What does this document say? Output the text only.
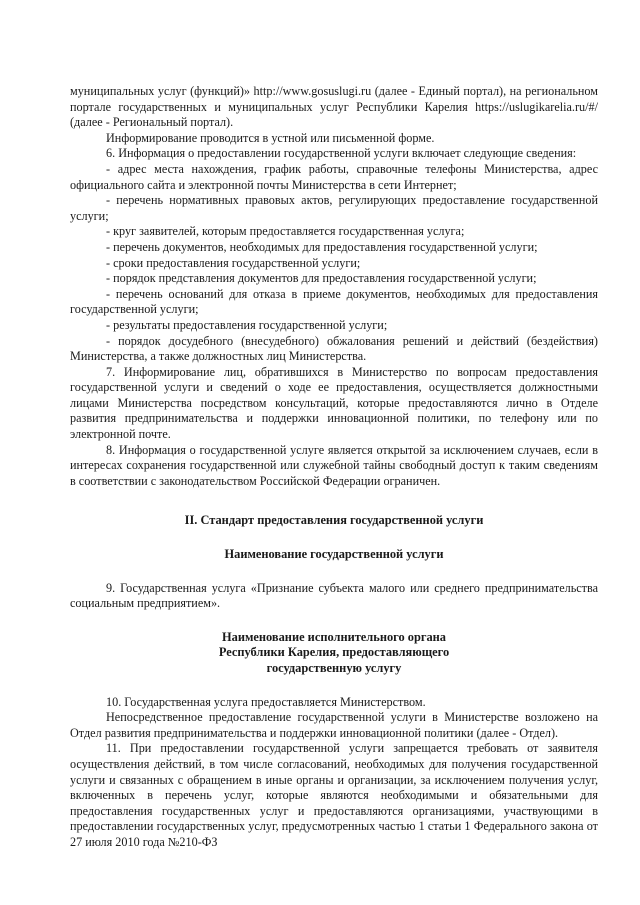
муниципальных услуг (функций)» http://www.gosuslugi.ru (далее - Единый портал), на региональном портале государственных и муниципальных услуг Республики Карелия https://uslugikarelia.ru/#/ (далее - Региональный портал).

Информирование проводится в устной или письменной форме.

6. Информация о предоставлении государственной услуги включает следующие сведения:

- адрес места нахождения, график работы, справочные телефоны Министерства, адрес официального сайта и электронной почты Министерства в сети Интернет;

- перечень нормативных правовых актов, регулирующих предоставление государственной услуги;

- круг заявителей, которым предоставляется государственная услуга;

- перечень документов, необходимых для предоставления государственной услуги;

- сроки предоставления государственной услуги;

- порядок представления документов для предоставления государственной услуги;

- перечень оснований для отказа в приеме документов, необходимых для предоставления государственной услуги;

- результаты предоставления государственной услуги;

- порядок досудебного (внесудебного) обжалования решений и действий (бездействия) Министерства, а также должностных лиц Министерства.

7. Информирование лиц, обратившихся в Министерство по вопросам предоставления государственной услуги и сведений о ходе ее предоставления, осуществляется должностными лицами Министерства посредством консультаций, которые предоставляются лично в Отделе развития предпринимательства и поддержки инновационной политики, по телефону или по электронной почте.

8. Информация о государственной услуге является открытой за исключением случаев, если в интересах сохранения государственной или служебной тайны свободный доступ к таким сведениям в соответствии с законодательством Российской Федерации ограничен.

II. Стандарт предоставления государственной услуги

Наименование государственной услуги

9. Государственная услуга «Признание субъекта малого или среднего предпринимательства социальным предприятием».

Наименование исполнительного органа

Республики Карелия, предоставляющего

государственную услугу

10. Государственная услуга предоставляется Министерством.

Непосредственное предоставление государственной услуги в Министерстве возложено на Отдел развития предпринимательства и поддержки инновационной политики (далее - Отдел).

11. При предоставлении государственной услуги запрещается требовать от заявителя осуществления действий, в том числе согласований, необходимых для получения государственной услуги и связанных с обращением в иные органы и организации, за исключением получения услуг, включенных в перечень услуг, которые являются необходимыми и обязательными для предоставления государственных услуг и предоставляются организациями, участвующими в предоставлении государственных услуг, предусмотренных частью 1 статьи 1 Федерального закона от 27 июля 2010 года №210-ФЗ
